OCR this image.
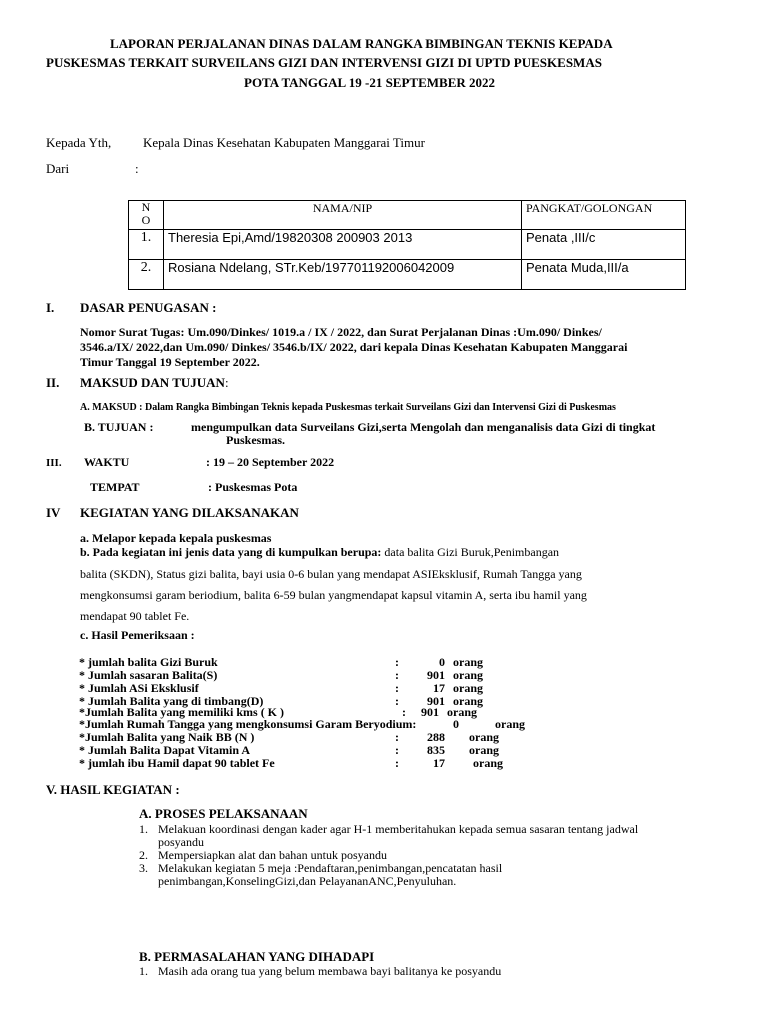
LAPORAN PERJALANAN DINAS DALAM RANGKA BIMBINGAN TEKNIS KEPADA
PUSKESMAS TERKAIT SURVEILANS GIZI DAN INTERVENSI GIZI DI UPTD PUESKESMAS
POTA TANGGAL 19 -21 SEPTEMBER 2022
Kepada Yth, Kepala Dinas Kesehatan Kabupaten Manggarai Timur
Dari	:
N
O	NAMA/NIP	PANGKAT/GOLONGAN
1.	Theresia Epi,Amd/19820308 200903 2013	Penata ,III/c
2.	Rosiana Ndelang, STr.Keb/197701192006042009	Penata Muda,III/a
I. DASAR PENUGASAN :
Nomor Surat Tugas: Um.090/Dinkes/ 1019.a / IX / 2022, dan Surat Perjalanan Dinas :Um.090/ Dinkes/
3546.a/IX/ 2022,dan Um.090/ Dinkes/ 3546.b/IX/ 2022, dari kepala Dinas Kesehatan Kabupaten Manggarai
Timur Tanggal 19 September 2022.
II. MAKSUD DAN TUJUAN:
A. MAKSUD : Dalam Rangka Bimbingan Teknis kepada Puskesmas terkait Surveilans Gizi dan Intervensi Gizi di Puskesmas
B. TUJUAN :	mengumpulkan data Surveilans Gizi,serta Mengolah dan menganalisis data Gizi di tingkat
Puskesmas.
III. WAKTU	: 19 – 20 September 2022
TEMPAT	: Puskesmas Pota
IV KEGIATAN YANG DILAKSANAKAN
a. Melapor kepada kepala puskesmas
b. Pada kegiatan ini jenis data yang di kumpulkan berupa: data balita Gizi Buruk,Penimbangan
balita (SKDN), Status gizi balita, bayi usia 0-6 bulan yang mendapat ASIEksklusif, Rumah Tangga yang
mengkonsumsi garam beriodium, balita 6-59 bulan yangmendapat kapsul vitamin A, serta ibu hamil yang
mendapat 90 tablet Fe.
c. Hasil Pemeriksaan :
* jumlah balita Gizi Buruk	:	0 orang
* Jumlah sasaran Balita(S)	:	901 orang
* Jumlah ASi Eksklusif	:	17 orang
* Jumlah Balita yang di timbang(D)	:	901 orang
*Jumlah Balita yang memiliki kms ( K )	:	901 orang
*Jumlah Rumah Tangga yang mengkonsumsi Garam Beryodium:	0	orang
*Jumlah Balita yang Naik BB (N )	:	288 orang
* Jumlah Balita Dapat Vitamin A	:	835 orang
* jumlah ibu Hamil dapat 90 tablet Fe	:	17 orang
V. HASIL KEGIATAN :
A. PROSES PELAKSANAAN
1. Melakuan koordinasi dengan kader agar H-1 memberitahukan kepada semua sasaran tentang jadwal
posyandu
2. Mempersiapkan alat dan bahan untuk posyandu
3. Melakukan kegiatan 5 meja :Pendaftaran,penimbangan,pencatatan hasil
penimbangan,KonselingGizi,dan PelayananANC,Penyuluhan.
B. PERMASALAHAN YANG DIHADAPI
1. Masih ada orang tua yang belum membawa bayi balitanya ke posyandu
